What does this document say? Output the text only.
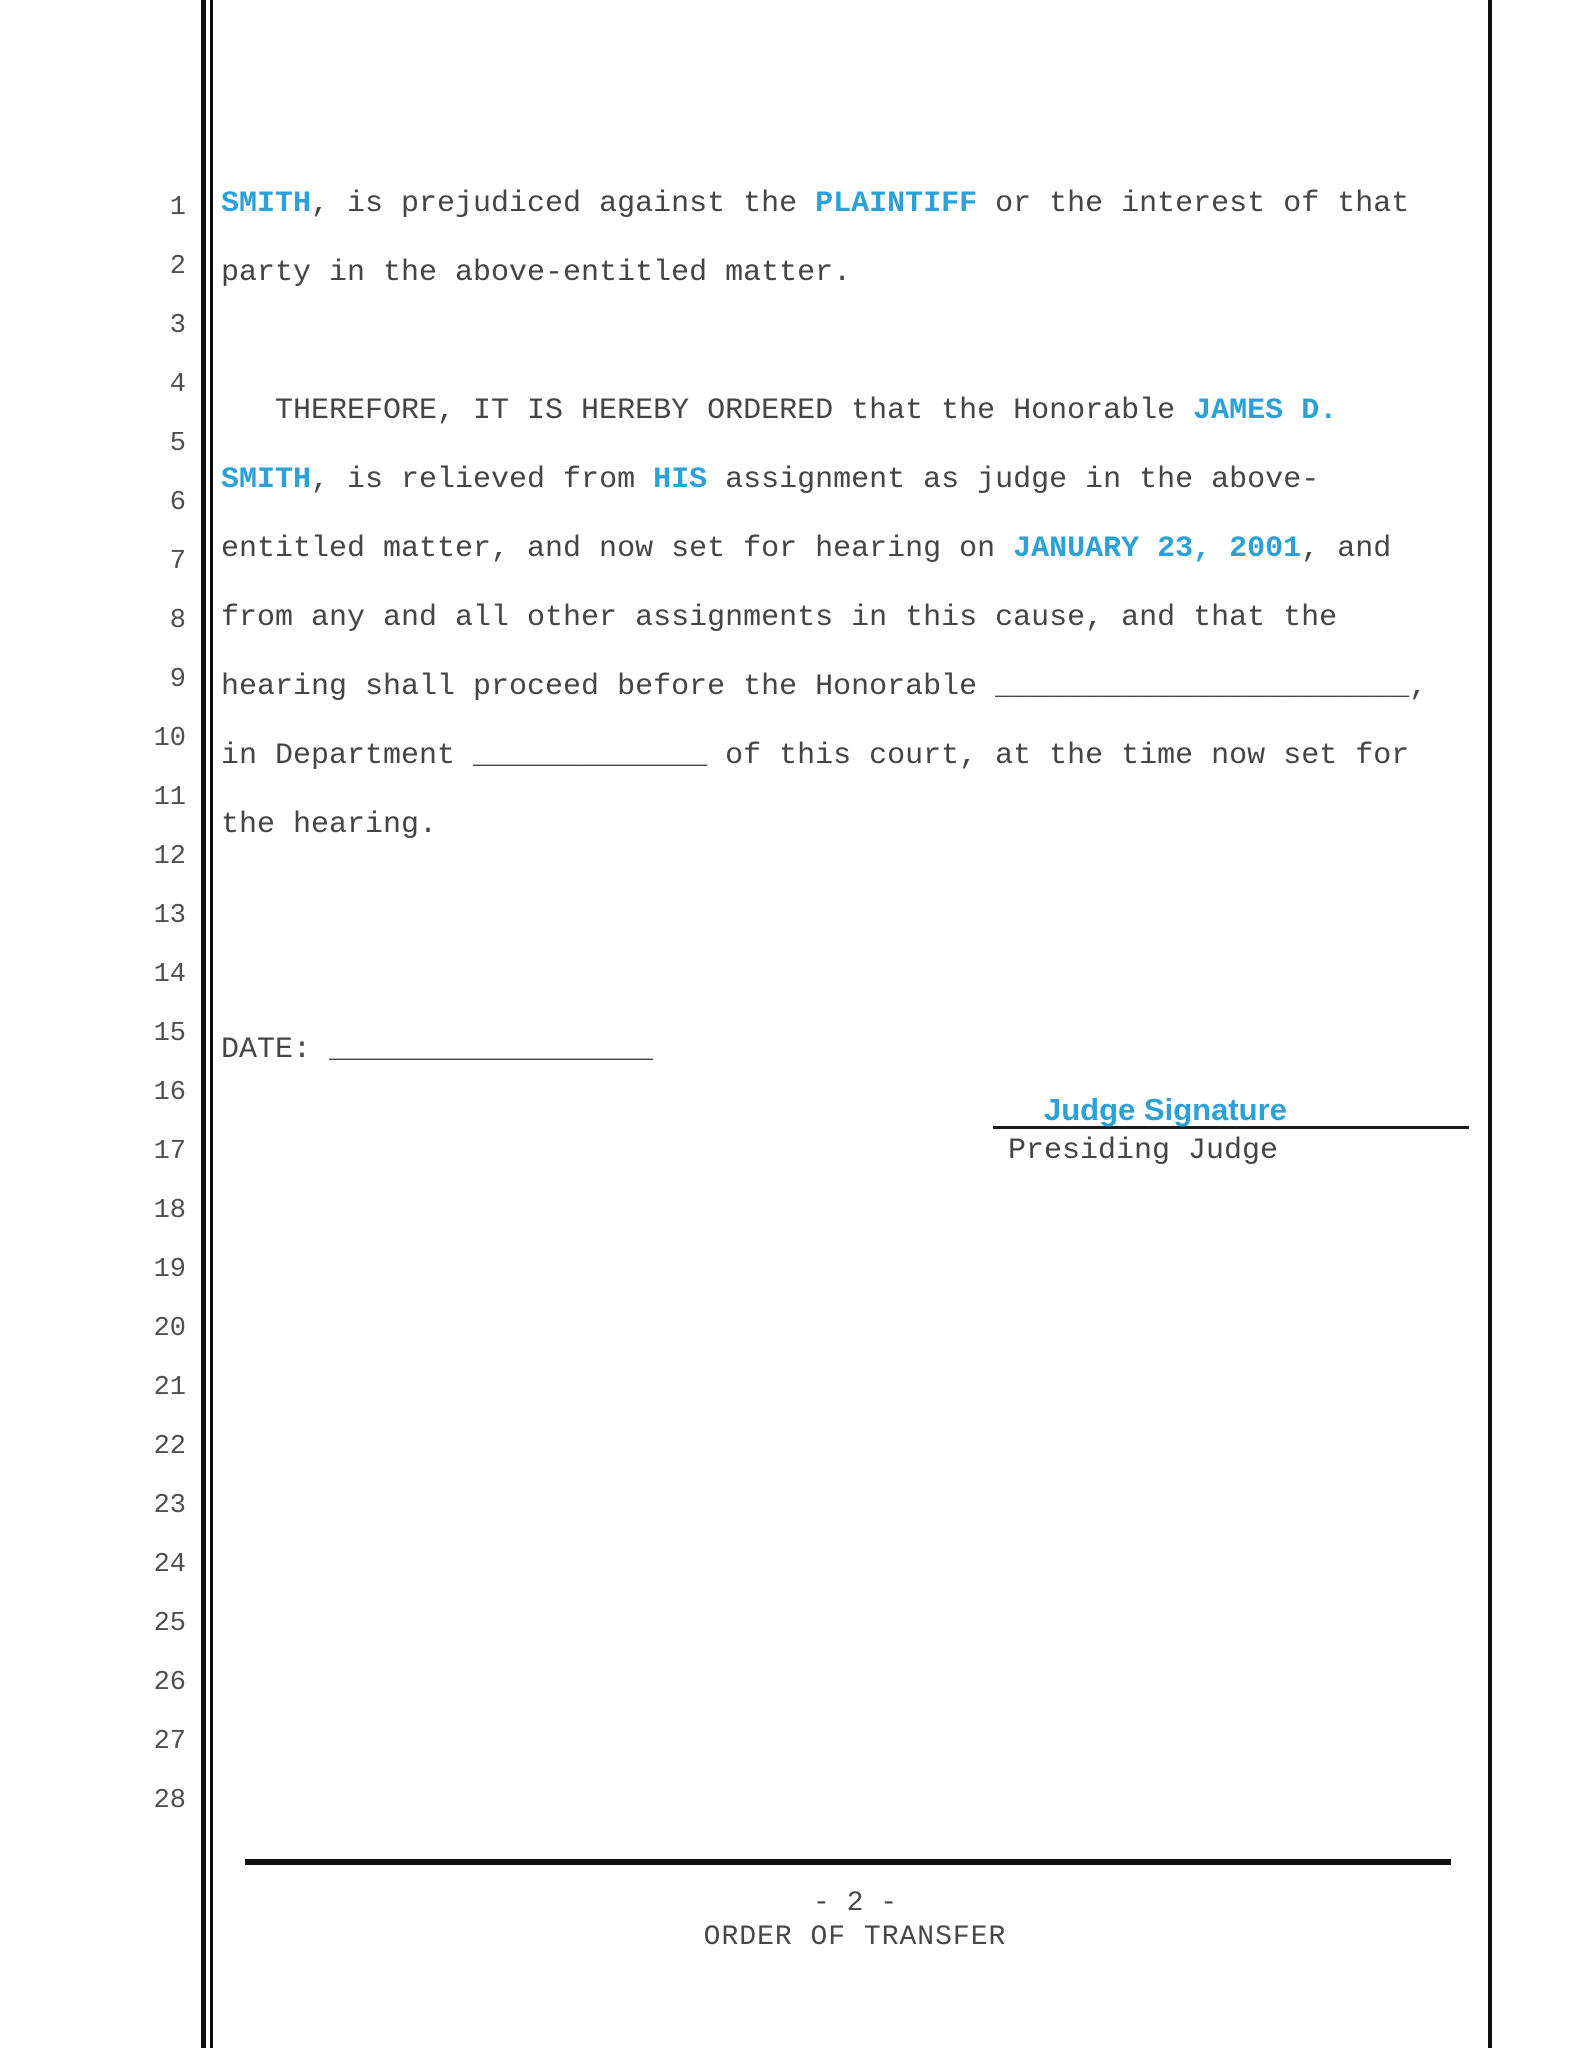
1
2
3
4
5
6
7
8
9
10
11
12
13
14
15
16
17
18
19
20
21
22
23
24
25
26
27
28
SMITH, is prejudiced against the PLAINTIFF or the interest of that
party in the above-entitled matter.
THEREFORE, IT IS HEREBY ORDERED that the Honorable JAMES D.
SMITH, is relieved from HIS assignment as judge in the above-
entitled matter, and now set for hearing on JANUARY 23, 2001, and
from any and all other assignments in this cause, and that the
hearing shall proceed before the Honorable _______________________,
in Department _____________ of this court, at the time now set for
the hearing.
DATE: __________________
Judge Signature
Presiding Judge
- 2 -
ORDER OF TRANSFER
